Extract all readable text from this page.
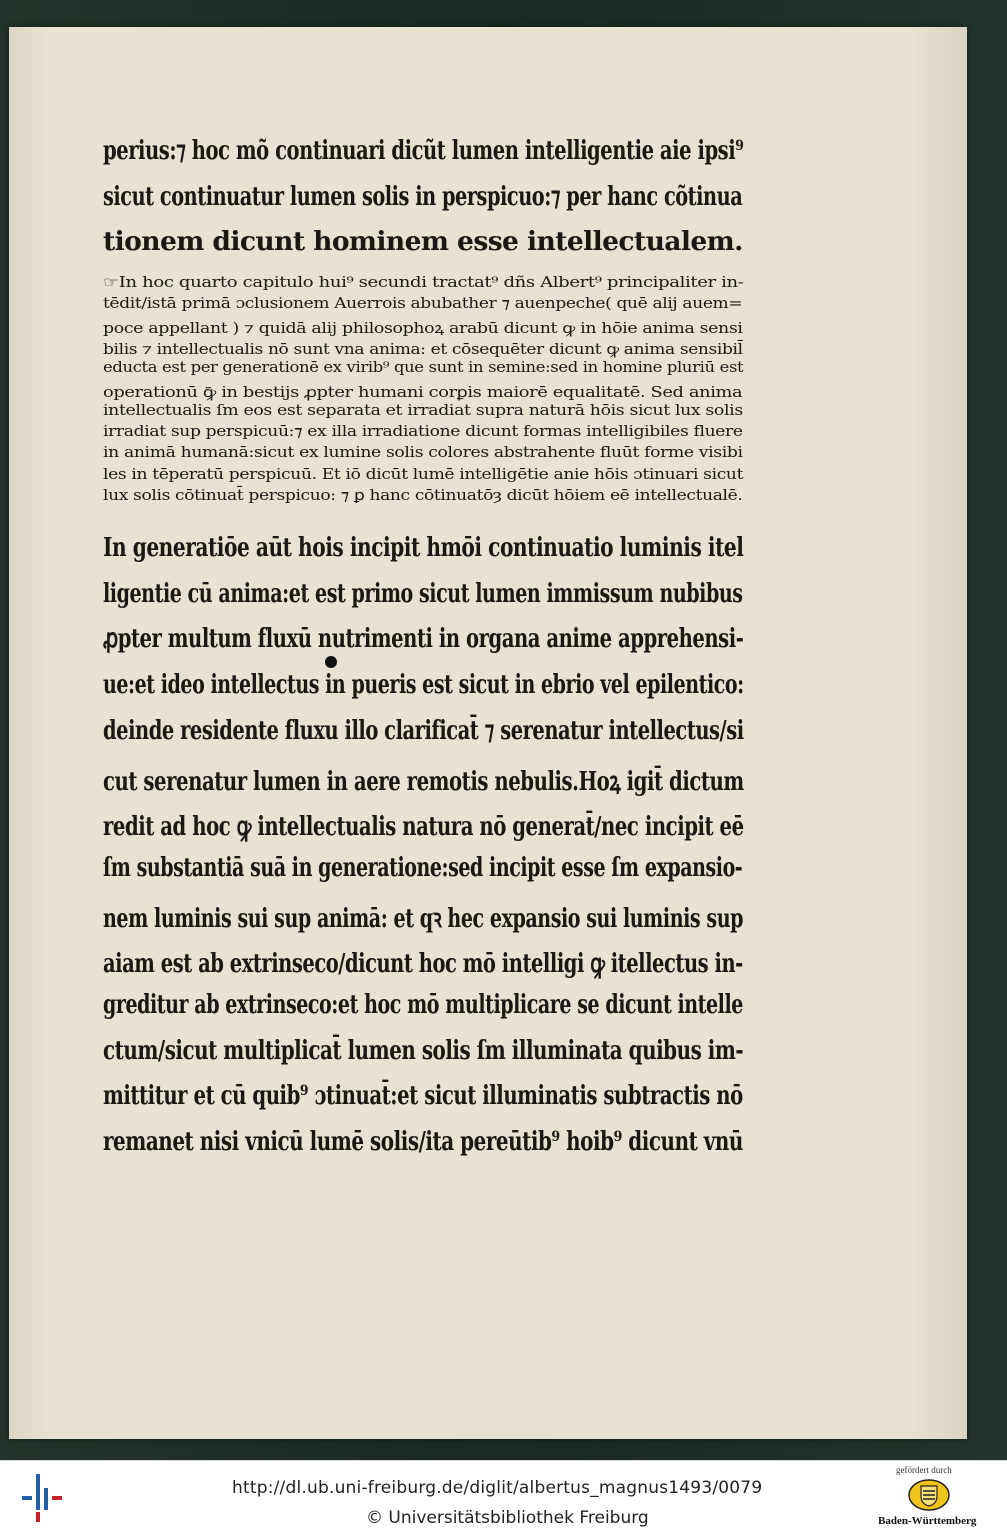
perius:⁊ hoc mõ continuari dicũt lumen intelligentie aie ipsi⁹
sicut continuatur lumen solis in perspicuo:⁊ per hanc cõtinua
tionem dicunt hominem esse intellectualem.
☞In hoc quarto capitulo hui⁹ secundi tractat⁹ dñs Albert⁹ principaliter in-
tēdit/istā primā ɔclusionem Auerrois abubather ⁊ auenpeche( quē alij auem=
poce appellant ) ⁊ quidā alij philosophoꝝ arabū dicunt ꝙ in hōie anima sensi
bilis ⁊ intellectualis nō sunt vna anima: et cōsequēter dicunt ꝙ anima sensibil̄
educta est per generationē ex virib⁹ que sunt in semine:sed in homine pluriū est
operationū ꝙ̄ in bestijs ꝓpter humani corꝑis maiorē equalitatē. Sed anima
intellectualis ſm eos est separata et irradiat supra naturā hōis sicut lux solis
irradiat sup perspicuū:⁊ ex illa irradiatione dicunt formas intelligibiles fluere
in animā humanā:sicut ex lumine solis colores abstrahente fluūt forme visibi
les in tēperatū perspicuū. Et iō dicūt lumē intelligētie anie hōis ɔtinuari sicut
lux solis cōtinuat̄ perspicuo: ⁊ ꝑ hanc cōtinuatōȝ dicūt hōiem eē intellectualē.
In generatiōe aūt hois incipit hmōi continuatio luminis itel
ligentie cū anima:et est primo sicut lumen immissum nubibus
ꝓpter multum fluxū nutrimenti in organa anime apprehensi-
ue:et ideo intellectus in pueris est sicut in ebrio vel epilentico:
deinde residente fluxu illo clarificat̄ ⁊ serenatur intellectus/si
cut serenatur lumen in aere remotis nebulis.Hoꝝ igit̄ dictum
redit ad hoc ꝙ intellectualis natura nō generat̄/nec incipit eē
ſm substantiā suā in generatione:sed incipit esse ſm expansio-
nem luminis sui sup animā: et qꝛ hec expansio sui luminis sup
aiam est ab extrinseco/dicunt hoc mō intelligi ꝙ itellectus in-
greditur ab extrinseco:et hoc mō multiplicare se dicunt intelle
ctum/sicut multiplicat̄ lumen solis ſm illuminata quibus im-
mittitur et cū quib⁹ ɔtinuat̄:et sicut illuminatis subtractis nō
remanet nisi vnicū lumē solis/ita pereūtib⁹ hoib⁹ dicunt vnū
http://dl.ub.uni-freiburg.de/diglit/albertus_magnus1493/0079
© Universitätsbibliothek Freiburg
gefördert durch
Baden-Württemberg
